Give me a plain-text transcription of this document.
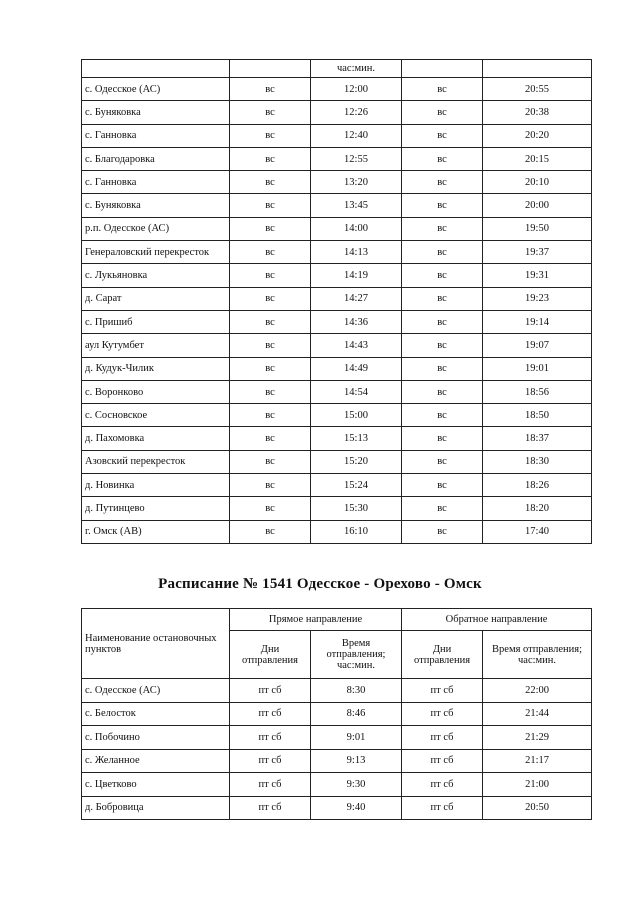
		час:мин.		
с. Одесское (АС)	вс	12:00	вс	20:55
с. Буняковка	вс	12:26	вс	20:38
с. Ганновка	вс	12:40	вс	20:20
с. Благодаровка	вс	12:55	вс	20:15
с. Ганновка	вс	13:20	вс	20:10
с. Буняковка	вс	13:45	вс	20:00
р.п. Одесское (АС)	вс	14:00	вс	19:50
Генераловский перекресток	вс	14:13	вс	19:37
с. Лукьяновка	вс	14:19	вс	19:31
д. Сарат	вс	14:27	вс	19:23
с. Пришиб	вс	14:36	вс	19:14
аул Кутумбет	вс	14:43	вс	19:07
д. Кудук-Чилик	вс	14:49	вс	19:01
с. Воронково	вс	14:54	вс	18:56
с. Сосновское	вс	15:00	вс	18:50
д. Пахомовка	вс	15:13	вс	18:37
Азовский перекресток	вс	15:20	вс	18:30
д. Новинка	вс	15:24	вс	18:26
д. Путинцево	вс	15:30	вс	18:20
г. Омск (АВ)	вс	16:10	вс	17:40
Расписание № 1541 Одесское - Орехово - Омск
Наименование остановочных пунктов	Прямое направление		Обратное направление	
	Дни отправления	Время отправления; час:мин.	Дни отправления	Время отправления; час:мин.
с. Одесское (АС)	пт сб	8:30	пт сб	22:00
с. Белосток	пт сб	8:46	пт сб	21:44
с. Побочино	пт сб	9:01	пт сб	21:29
с. Желанное	пт сб	9:13	пт сб	21:17
с. Цветково	пт сб	9:30	пт сб	21:00
д. Бобровица	пт сб	9:40	пт сб	20:50
